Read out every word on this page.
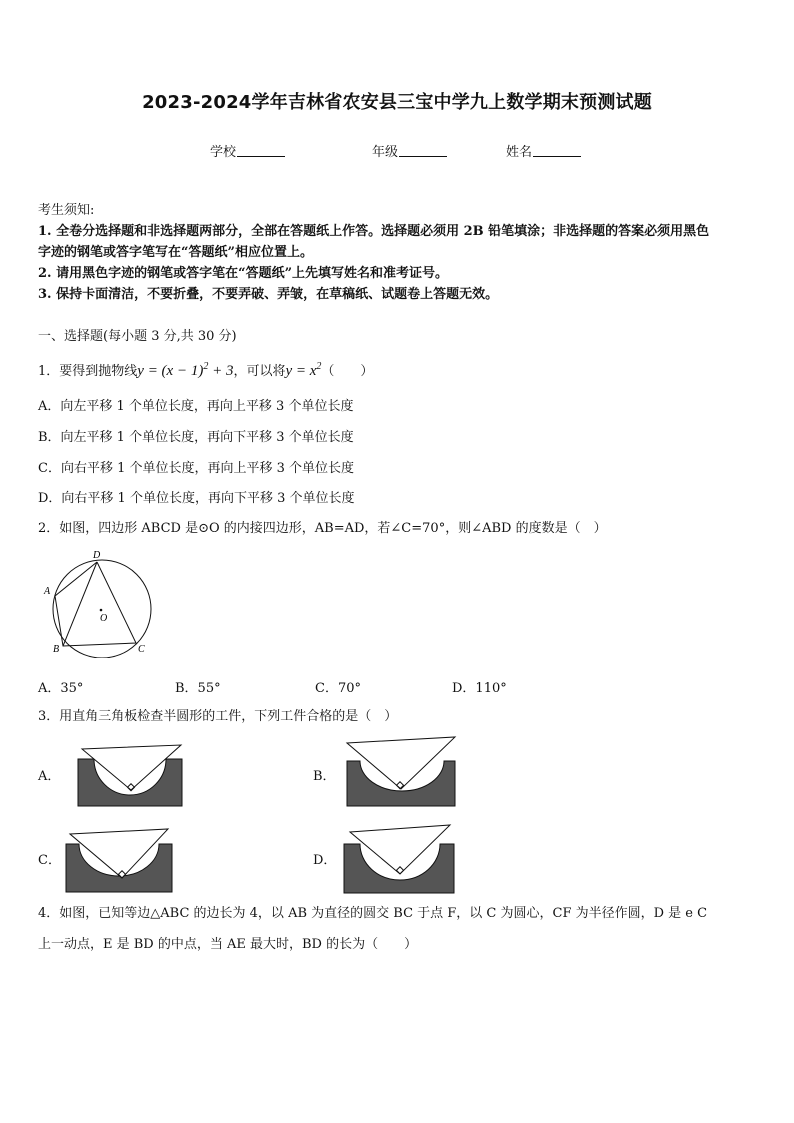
2023-2024学年吉林省农安县三宝中学九上数学期末预测试题
学校	年级	姓名
考生须知:
1. 全卷分选择题和非选择题两部分，全部在答题纸上作答。选择题必须用 2B 铅笔填涂；非选择题的答案必须用黑色
字迹的钢笔或答字笔写在“答题纸”相应位置上。
2. 请用黑色字迹的钢笔或答字笔在“答题纸”上先填写姓名和准考证号。
3. 保持卡面清洁，不要折叠，不要弄破、弄皱，在草稿纸、试题卷上答题无效。
一、选择题(每小题 3 分,共 30 分)
1．要得到抛物线$y = (x - 1)^2 + 3$，可以将$y = x^2$（　　）
A．向左平移 1 个单位长度，再向上平移 3 个单位长度
B．向左平移 1 个单位长度，再向下平移 3 个单位长度
C．向右平移 1 个单位长度，再向上平移 3 个单位长度
D．向右平移 1 个单位长度，再向下平移 3 个单位长度
2．如图，四边形 ABCD 是⊙O 的内接四边形，AB=AD，若∠C=70°，则∠ABD 的度数是（　）
D
A
B	C
O
A．35°	B．55°	C．70°	D．110°
3．用直角三角板检查半圆形的工件，下列工件合格的是（　）
A．	B．
C．	D．
4．如图，已知等边△ABC 的边长为 4，以 AB 为直径的圆交 BC 于点 F，以 C 为圆心，CF 为半径作圆，D 是 e C
上一动点，E 是 BD 的中点，当 AE 最大时，BD 的长为（　　）
